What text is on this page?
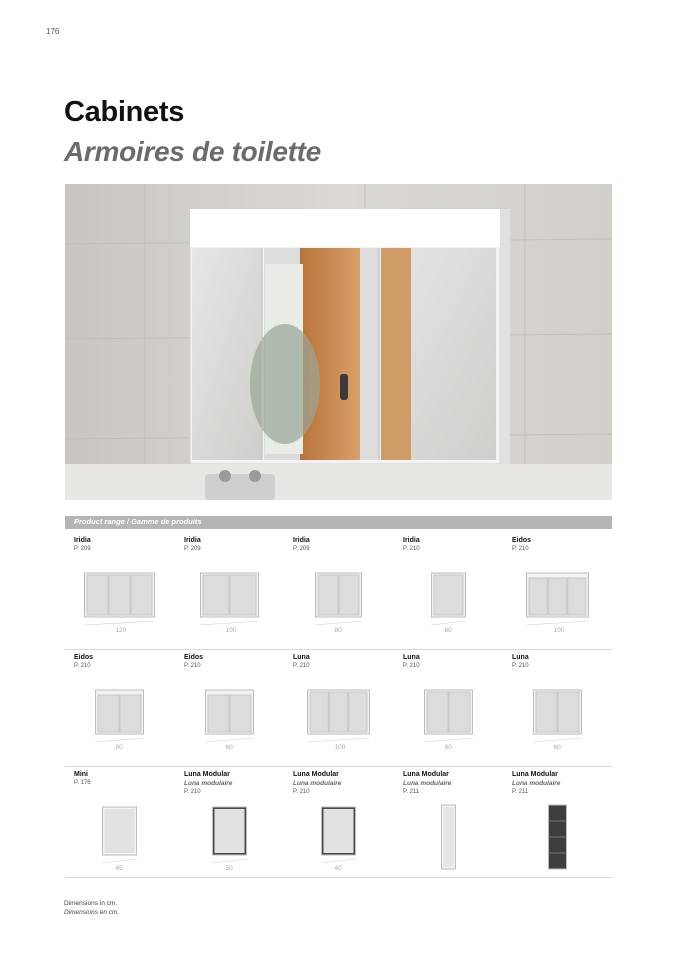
176
Cabinets
Armoires de toilette
Product range / Gamme de produits
Iridia
P. 209
120
Iridia
P. 209
100
Iridia
P. 209
80
Iridia
P. 210
60
Eidos
P. 210
100
Eidos
P. 210
80
Eidos
P. 210
60
Luna
P. 210
100
Luna
P. 210
80
Luna
P. 210
60
Mini
P. 176
45
Luna Modular
Luna modulaire
P. 210
50
Luna Modular
Luna modulaire
P. 210
40
Luna Modular
Luna modulaire
P. 211
Luna Modular
Luna modulaire
P. 211
Dimensions in cm.
Dimensions en cm.
